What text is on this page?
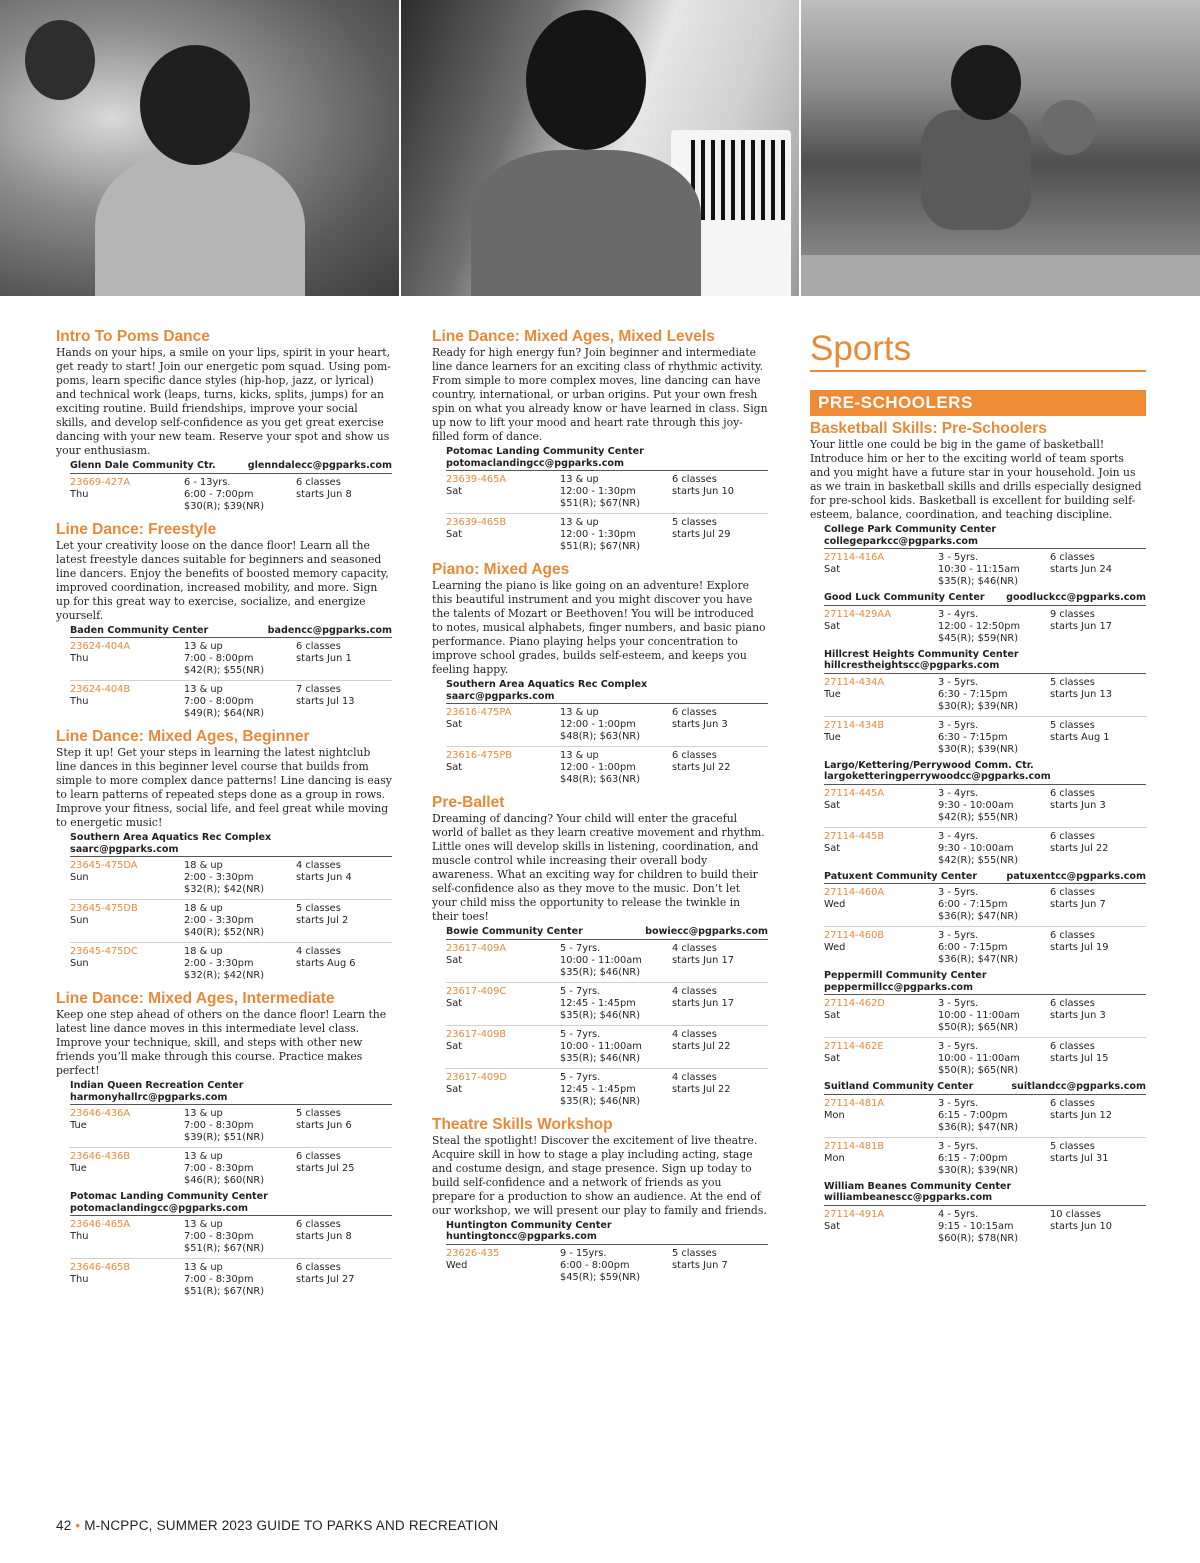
Intro To Poms Dance
Hands on your hips, a smile on your lips, spirit in your heart, get ready to start! Join our energetic pom squad. Using pom-poms, learn specific dance styles (hip-hop, jazz, or lyrical) and technical work (leaps, turns, kicks, splits, jumps) for an exciting routine. Build friendships, improve your social skills, and develop self-confidence as you get great exercise dancing with your new team. Reserve your spot and show us your enthusiasm.
Glenn Dale Community Ctr.	glenndalecc@pgparks.com
23669-427A	6 - 13yrs.	6 classes
Thu	6:00 - 7:00pm	starts Jun 8
$30(R); $39(NR)
Line Dance: Freestyle
Let your creativity loose on the dance floor! Learn all the latest freestyle dances suitable for beginners and seasoned line dancers. Enjoy the benefits of boosted memory capacity, improved coordination, increased mobility, and more. Sign up for this great way to exercise, socialize, and energize yourself.
Baden Community Center	badencc@pgparks.com
23624-404A	13 & up	6 classes
Thu	7:00 - 8:00pm	starts Jun 1
$42(R); $55(NR)
23624-404B	13 & up	7 classes
Thu	7:00 - 8:00pm	starts Jul 13
$49(R); $64(NR)
Line Dance: Mixed Ages, Beginner
Step it up! Get your steps in learning the latest nightclub line dances in this beginner level course that builds from simple to more complex dance patterns! Line dancing is easy to learn patterns of repeated steps done as a group in rows. Improve your fitness, social life, and feel great while moving to energetic music!
Southern Area Aquatics Rec Complex
saarc@pgparks.com
23645-475DA	18 & up	4 classes
Sun	2:00 - 3:30pm	starts Jun 4
$32(R); $42(NR)
23645-475DB	18 & up	5 classes
Sun	2:00 - 3:30pm	starts Jul 2
$40(R); $52(NR)
23645-475DC	18 & up	4 classes
Sun	2:00 - 3:30pm	starts Aug 6
$32(R); $42(NR)
Line Dance: Mixed Ages, Intermediate
Keep one step ahead of others on the dance floor! Learn the latest line dance moves in this intermediate level class. Improve your technique, skill, and steps with other new friends you’ll make through this course. Practice makes perfect!
Indian Queen Recreation Center
harmonyhallrc@pgparks.com
23646-436A	13 & up	5 classes
Tue	7:00 - 8:30pm	starts Jun 6
$39(R); $51(NR)
23646-436B	13 & up	6 classes
Tue	7:00 - 8:30pm	starts Jul 25
$46(R); $60(NR)
Potomac Landing Community Center
potomaclandingcc@pgparks.com
23646-465A	13 & up	6 classes
Thu	7:00 - 8:30pm	starts Jun 8
$51(R); $67(NR)
23646-465B	13 & up	6 classes
Thu	7:00 - 8:30pm	starts Jul 27
$51(R); $67(NR)
Line Dance: Mixed Ages, Mixed Levels
Ready for high energy fun? Join beginner and intermediate line dance learners for an exciting class of rhythmic activity. From simple to more complex moves, line dancing can have country, international, or urban origins. Put your own fresh spin on what you already know or have learned in class. Sign up now to lift your mood and heart rate through this joy-filled form of dance.
Potomac Landing Community Center
potomaclandingcc@pgparks.com
23639-465A	13 & up	6 classes
Sat	12:00 - 1:30pm	starts Jun 10
$51(R); $67(NR)
23639-465B	13 & up	5 classes
Sat	12:00 - 1:30pm	starts Jul 29
$51(R); $67(NR)
Piano: Mixed Ages
Learning the piano is like going on an adventure! Explore this beautiful instrument and you might discover you have the talents of Mozart or Beethoven! You will be introduced to notes, musical alphabets, finger numbers, and basic piano performance. Piano playing helps your concentration to improve school grades, builds self-esteem, and keeps you feeling happy.
Southern Area Aquatics Rec Complex
saarc@pgparks.com
23616-475PA	13 & up	6 classes
Sat	12:00 - 1:00pm	starts Jun 3
$48(R); $63(NR)
23616-475PB	13 & up	6 classes
Sat	12:00 - 1:00pm	starts Jul 22
$48(R); $63(NR)
Pre-Ballet
Dreaming of dancing? Your child will enter the graceful world of ballet as they learn creative movement and rhythm. Little ones will develop skills in listening, coordination, and muscle control while increasing their overall body awareness. What an exciting way for children to build their self-confidence also as they move to the music. Don’t let your child miss the opportunity to release the twinkle in their toes!
Bowie Community Center	bowiecc@pgparks.com
23617-409A	5 - 7yrs.	4 classes
Sat	10:00 - 11:00am	starts Jun 17
$35(R); $46(NR)
23617-409C	5 - 7yrs.	4 classes
Sat	12:45 - 1:45pm	starts Jun 17
$35(R); $46(NR)
23617-409B	5 - 7yrs.	4 classes
Sat	10:00 - 11:00am	starts Jul 22
$35(R); $46(NR)
23617-409D	5 - 7yrs.	4 classes
Sat	12:45 - 1:45pm	starts Jul 22
$35(R); $46(NR)
Theatre Skills Workshop
Steal the spotlight! Discover the excitement of live theatre. Acquire skill in how to stage a play including acting, stage and costume design, and stage presence. Sign up today to build self-confidence and a network of friends as you prepare for a production to show an audience. At the end of our workshop, we will present our play to family and friends.
Huntington Community Center
huntingtoncc@pgparks.com
23626-435	9 - 15yrs.	5 classes
Wed	6:00 - 8:00pm	starts Jun 7
$45(R); $59(NR)
Sports
PRE-SCHOOLERS
Basketball Skills: Pre-Schoolers
Your little one could be big in the game of basketball! Introduce him or her to the exciting world of team sports and you might have a future star in your household. Join us as we train in basketball skills and drills especially designed for pre-school kids. Basketball is excellent for building self-esteem, balance, coordination, and teaching discipline.
College Park Community Center
collegeparkcc@pgparks.com
27114-416A	3 - 5yrs.	6 classes
Sat	10:30 - 11:15am	starts Jun 24
$35(R); $46(NR)
Good Luck Community Center goodluckcc@pgparks.com
27114-429AA	3 - 4yrs.	9 classes
Sat	12:00 - 12:50pm	starts Jun 17
$45(R); $59(NR)
Hillcrest Heights Community Center
hillcrestheightscc@pgparks.com
27114-434A	3 - 5yrs.	5 classes
Tue	6:30 - 7:15pm	starts Jun 13
$30(R); $39(NR)
27114-434B	3 - 5yrs.	5 classes
Tue	6:30 - 7:15pm	starts Aug 1
$30(R); $39(NR)
Largo/Kettering/Perrywood Comm. Ctr.
largoketteringperrywoodcc@pgparks.com
27114-445A	3 - 4yrs.	6 classes
Sat	9:30 - 10:00am	starts Jun 3
$42(R); $55(NR)
27114-445B	3 - 4yrs.	6 classes
Sat	9:30 - 10:00am	starts Jul 22
$42(R); $55(NR)
Patuxent Community Center	patuxentcc@pgparks.com
27114-460A	3 - 5yrs.	6 classes
Wed	6:00 - 7:15pm	starts Jun 7
$36(R); $47(NR)
27114-460B	3 - 5yrs.	6 classes
Wed	6:00 - 7:15pm	starts Jul 19
$36(R); $47(NR)
Peppermill Community Center
peppermillcc@pgparks.com
27114-462D	3 - 5yrs.	6 classes
Sat	10:00 - 11:00am	starts Jun 3
$50(R); $65(NR)
27114-462E	3 - 5yrs.	6 classes
Sat	10:00 - 11:00am	starts Jul 15
$50(R); $65(NR)
Suitland Community Center	suitlandcc@pgparks.com
27114-481A	3 - 5yrs.	6 classes
Mon	6:15 - 7:00pm	starts Jun 12
$36(R); $47(NR)
27114-481B	3 - 5yrs.	5 classes
Mon	6:15 - 7:00pm	starts Jul 31
$30(R); $39(NR)
William Beanes Community Center
williambeanescc@pgparks.com
27114-491A	4 - 5yrs.	10 classes
Sat	9:15 - 10:15am	starts Jun 10
$60(R); $78(NR)
42 • M-NCPPC, SUMMER 2023 GUIDE TO PARKS AND RECREATION
